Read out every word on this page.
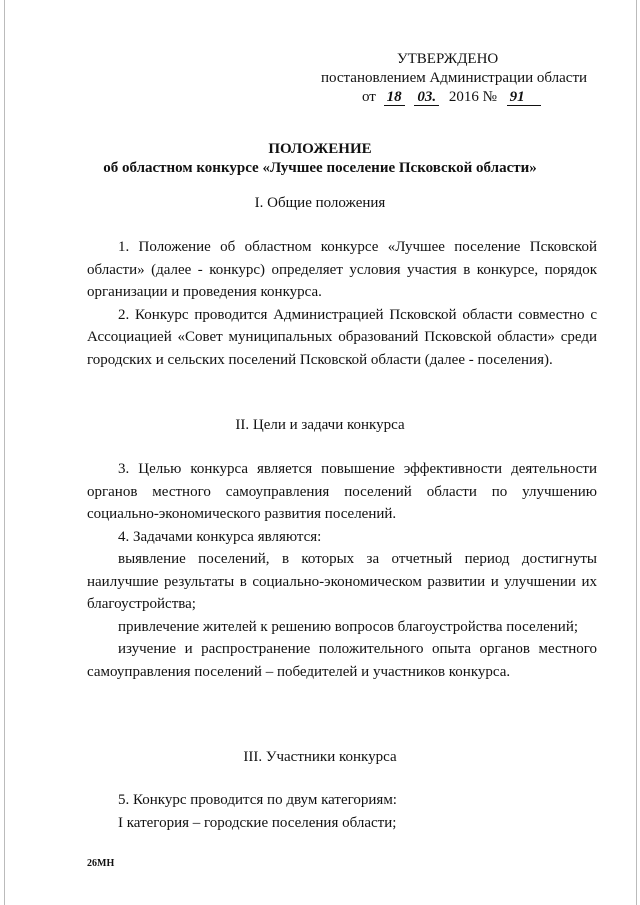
УТВЕРЖДЕНО
постановлением Администрации области
от 18 03. 2016 № 91
ПОЛОЖЕНИЕ
об областном конкурсе «Лучшее поселение Псковской области»
I. Общие положения

1. Положение об областном конкурсе «Лучшее поселение Псковской области» (далее - конкурс) определяет условия участия в конкурсе, порядок организации и проведения конкурса.

2. Конкурс проводится Администрацией Псковской области совместно с Ассоциацией «Совет муниципальных образований Псковской области» среди городских и сельских поселений Псковской области (далее - поселения).

II. Цели и задачи конкурса

3. Целью конкурса является повышение эффективности деятельности органов местного самоуправления поселений области по улучшению социально-экономического развития поселений.

4. Задачами конкурса являются:

выявление поселений, в которых за отчетный период достигнуты наилучшие результаты в социально-экономическом развитии и улучшении их благоустройства;

привлечение жителей к решению вопросов благоустройства поселений;

изучение и распространение положительного опыта органов местного самоуправления поселений – победителей и участников конкурса.

III. Участники конкурса

5. Конкурс проводится по двум категориям:

I категория – городские поселения области;

26МН
